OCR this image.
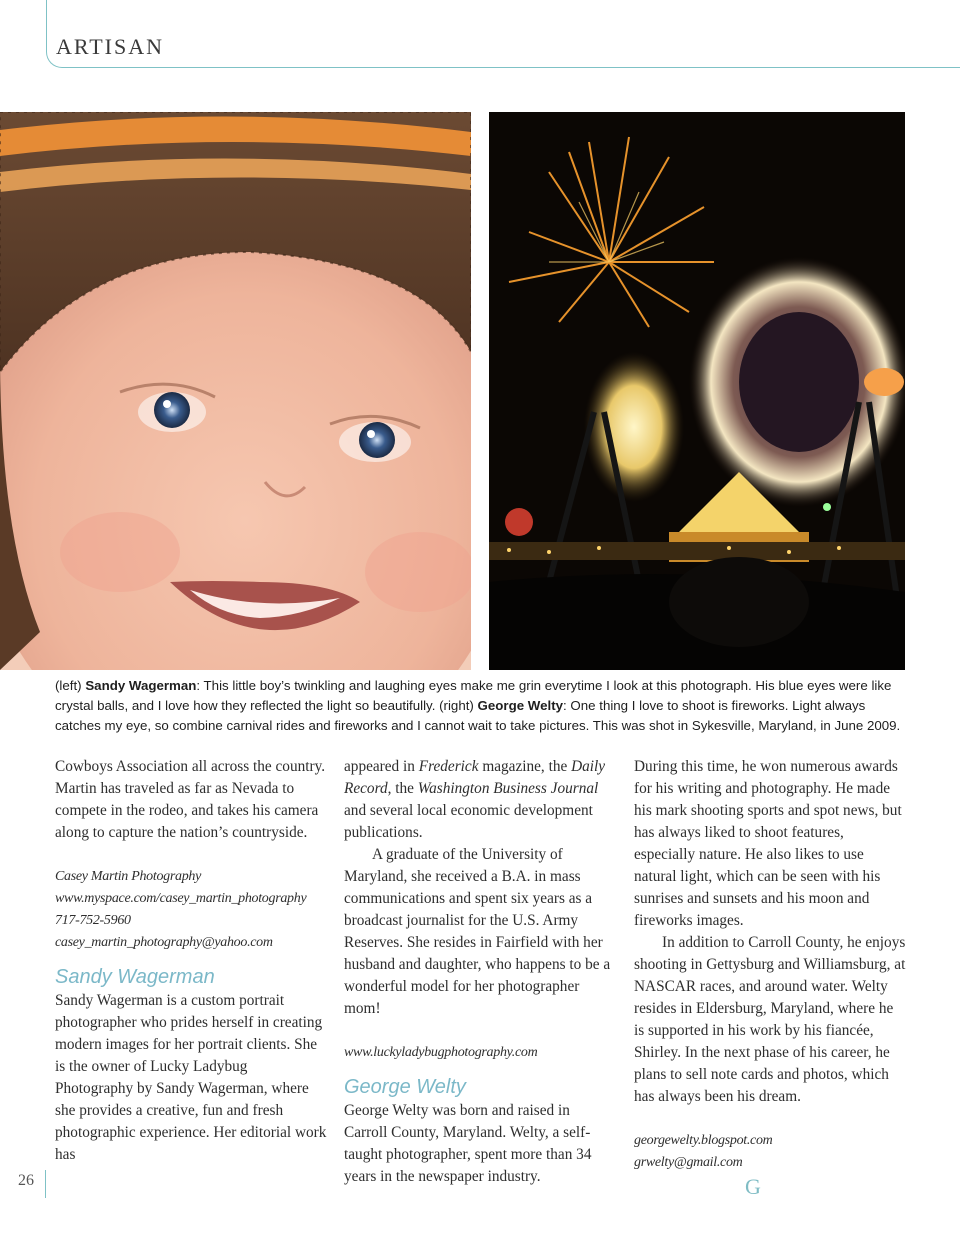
ARTISAN
(left) Sandy Wagerman: This little boy’s twinkling and laughing eyes make me grin everytime I look at this photograph. His blue eyes were like crystal balls, and I love how they reflected the light so beautifully. (right) George Welty: One thing I love to shoot is fireworks. Light always catches my eye, so combine carnival rides and fireworks and I cannot wait to take pictures. This was shot in Sykesville, Maryland, in June 2009.

Cowboys Association all across the country. Martin has traveled as far as Nevada to compete in the rodeo, and takes his camera along to capture the nation’s countryside.

Casey Martin Photography

www.myspace.com/casey_martin_photography

717-752-5960

casey_martin_photography@yahoo.com

Sandy Wagerman

Sandy Wagerman is a custom portrait photographer who prides herself in creating modern images for her portrait clients. She is the owner of Lucky Ladybug Photography by Sandy Wagerman, where she provides a creative, fun and fresh photographic experience. Her editorial work has

appeared in Frederick magazine, the Daily Record, the Washington Business Journal and several local economic development publications.

A graduate of the University of Maryland, she received a B.A. in mass communications and spent six years as a broadcast journalist for the U.S. Army Reserves. She resides in Fairfield with her husband and daughter, who happens to be a wonderful model for her photographer mom!

www.luckyladybugphotography.com

George Welty

George Welty was born and raised in Carroll County, Maryland. Welty, a self-taught photographer, spent more than 34 years in the newspaper industry.

During this time, he won numerous awards for his writing and photography. He made his mark shooting sports and spot news, but has always liked to shoot features, especially nature. He also likes to use natural light, which can be seen with his sunrises and sunsets and his moon and fireworks images.

In addition to Carroll County, he enjoys shooting in Gettysburg and Williamsburg, at NASCAR races, and around water. Welty resides in Eldersburg, Maryland, where he is supported in his work by his fiancée, Shirley. In the next phase of his career, he plans to sell note cards and photos, which has always been his dream.

georgewelty.blogspot.com

grwelty@gmail.com

26	G
